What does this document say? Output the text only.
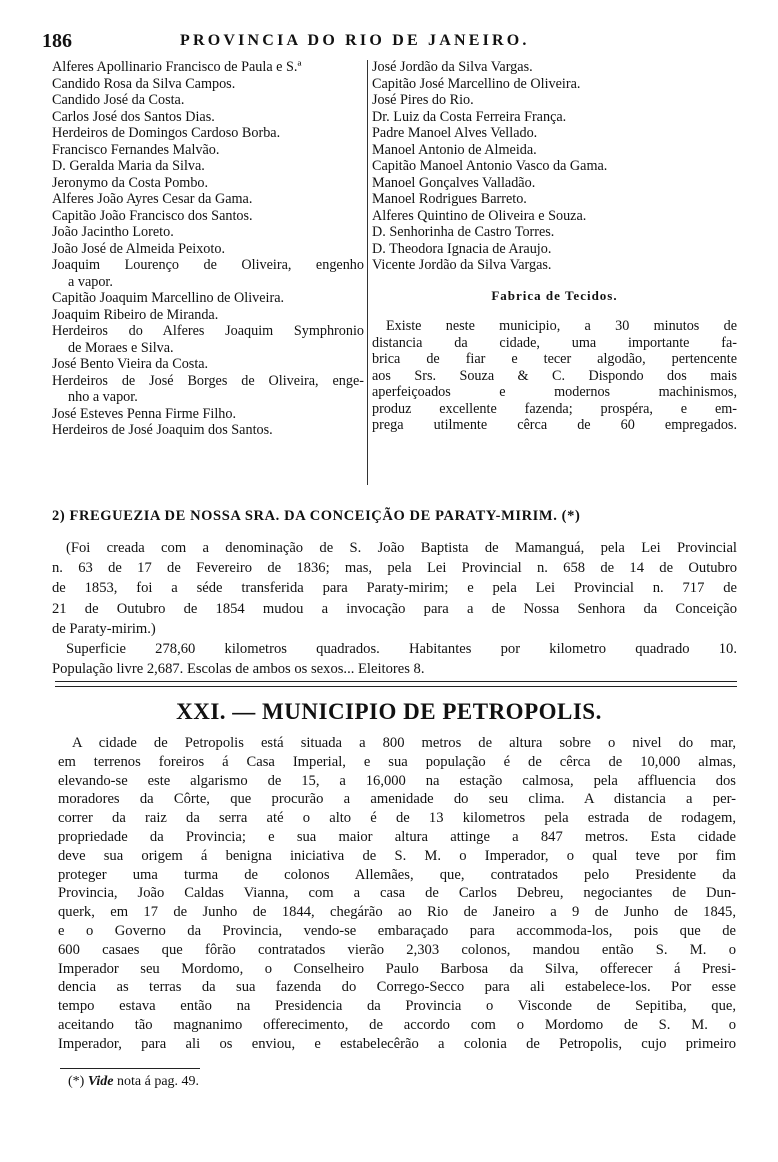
186	PROVINCIA DO RIO DE JANEIRO.
Alferes Apollinario Francisco de Paula e S.ª
Candido Rosa da Silva Campos.
Candido José da Costa.
Carlos José dos Santos Dias.
Herdeiros de Domingos Cardoso Borba.
Francisco Fernandes Malvão.
D. Geralda Maria da Silva.
Jeronymo da Costa Pombo.
Alferes João Ayres Cesar da Gama.
Capitão João Francisco dos Santos.
João Jacintho Loreto.
João José de Almeida Peixoto.
Joaquim Lourenço de Oliveira, engenho
a vapor.
Capitão Joaquim Marcellino de Oliveira.
Joaquim Ribeiro de Miranda.
Herdeiros do Alferes Joaquim Symphronio
de Moraes e Silva.
José Bento Vieira da Costa.
Herdeiros de José Borges de Oliveira, enge-
nho a vapor.
José Esteves Penna Firme Filho.
Herdeiros de José Joaquim dos Santos.
José Jordão da Silva Vargas.
Capitão José Marcellino de Oliveira.
José Pires do Rio.
Dr. Luiz da Costa Ferreira França.
Padre Manoel Alves Vellado.
Manoel Antonio de Almeida.
Capitão Manoel Antonio Vasco da Gama.
Manoel Gonçalves Valladão.
Manoel Rodrigues Barreto.
Alferes Quintino de Oliveira e Souza.
D. Senhorinha de Castro Torres.
D. Theodora Ignacia de Araujo.
Vicente Jordão da Silva Vargas.
Fabrica de Tecidos.
Existe neste municipio, a 30 minutos de
distancia da cidade, uma importante fa-
brica de fiar e tecer algodão, pertencente
aos Srs. Souza & C. Dispondo dos mais
aperfeiçoados e modernos machinismos,
produz excellente fazenda; prospéra, e em-
prega utilmente cêrca de 60 empregados.
2) FREGUEZIA DE NOSSA SRA. DA CONCEIÇÃO DE PARATY-MIRIM. (*)
(Foi creada com a denominação de S. João Baptista de Mamanguá, pela Lei Provincial
n. 63 de 17 de Fevereiro de 1836; mas, pela Lei Provincial n. 658 de 14 de Outubro
de 1853, foi a séde transferida para Paraty-mirim; e pela Lei Provincial n. 717 de
21 de Outubro de 1854 mudou a invocação para a de Nossa Senhora da Conceição
de Paraty-mirim.)
Superficie 278,60 kilometros quadrados. Habitantes por kilometro quadrado 10.
População livre 2,687. Escolas de ambos os sexos... Eleitores 8.
XXI. — MUNICIPIO DE PETROPOLIS.
A cidade de Petropolis está situada a 800 metros de altura sobre o nivel do mar,
em terrenos foreiros á Casa Imperial, e sua população é de cêrca de 10,000 almas,
elevando-se este algarismo de 15, a 16,000 na estação calmosa, pela affluencia dos
moradores da Côrte, que procurão a amenidade do seu clima. A distancia a per-
correr da raiz da serra até o alto é de 13 kilometros pela estrada de rodagem,
propriedade da Provincia; e sua maior altura attinge a 847 metros. Esta cidade
deve sua origem á benigna iniciativa de S. M. o Imperador, o qual teve por fim
proteger uma turma de colonos Allemães, que, contratados pelo Presidente da
Provincia, João Caldas Vianna, com a casa de Carlos Debreu, negociantes de Dun-
querk, em 17 de Junho de 1844, chegárão ao Rio de Janeiro a 9 de Junho de 1845,
e o Governo da Provincia, vendo-se embaraçado para accommoda-los, pois que de
600 casaes que fôrão contratados vierão 2,303 colonos, mandou então S. M. o
Imperador seu Mordomo, o Conselheiro Paulo Barbosa da Silva, offerecer á Presi-
dencia as terras da sua fazenda do Corrego-Secco para ali estabelece-los. Por esse
tempo estava então na Presidencia da Provincia o Visconde de Sepitiba, que,
aceitando tão magnanimo offerecimento, de accordo com o Mordomo de S. M. o
Imperador, para ali os enviou, e estabelecêrão a colonia de Petropolis, cujo primeiro
(*) Vide nota á pag. 49.
